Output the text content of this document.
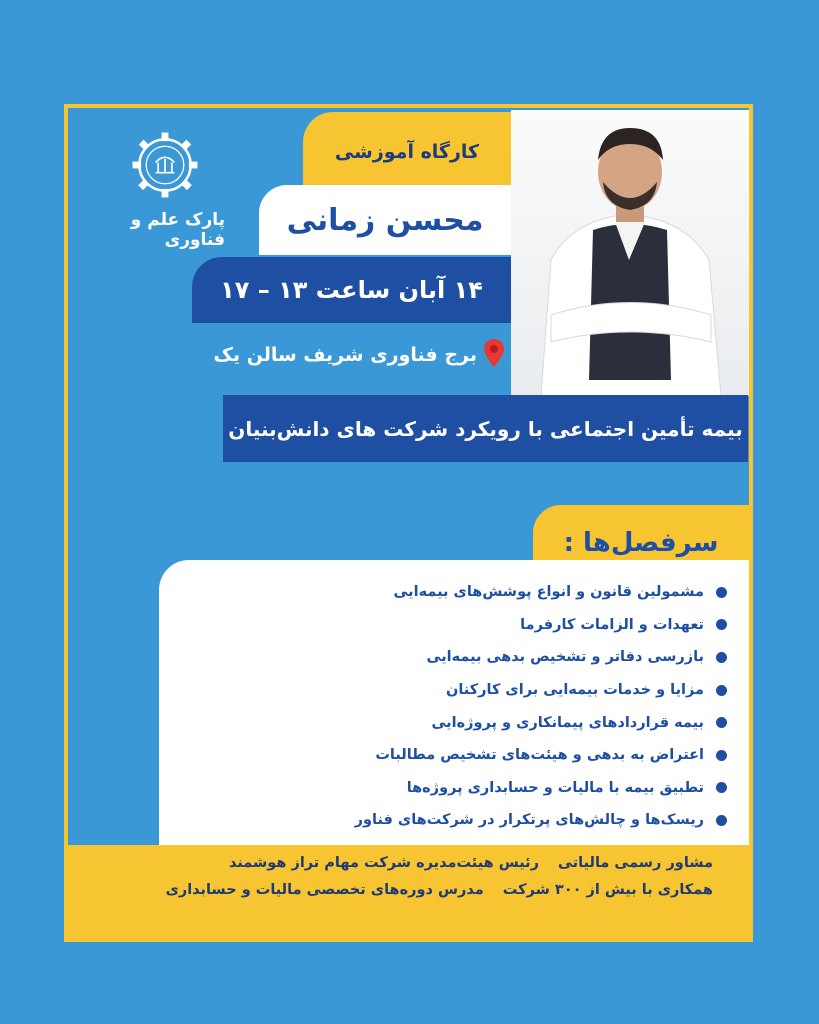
پارک علم و فناوری
کارگاه آموزشی
محسن زمانی
۱۴ آبان ساعت ۱۳ – ۱۷
برج فناوری شریف سالن یک
بیمه تأمین اجتماعی با رویکرد شرکت های دانش‌بنیان
سرفصل‌ها :
مشمولین قانون و انواع پوشش‌های بیمه‌ایی
تعهدات و الزامات کارفرما
بازرسی دفاتر و تشخیص بدهی بیمه‌ایی
مزایا و خدمات بیمه‌ایی برای کارکنان
بیمه قراردادهای پیمانکاری و پروژه‌ایی
اعتراض به بدهی و هیئت‌های تشخیص مطالبات
تطبیق بیمه با مالیات و حسابداری پروژه‌ها
ریسک‌ها و چالش‌های پرتکرار در شرکت‌های فناور
مشاور رسمی مالیاتی رئیس هیئت‌مدیره شرکت مهام تراز هوشمند
همکاری با بیش از ۳۰۰ شرکت مدرس دوره‌های تخصصی مالیات و حسابداری
